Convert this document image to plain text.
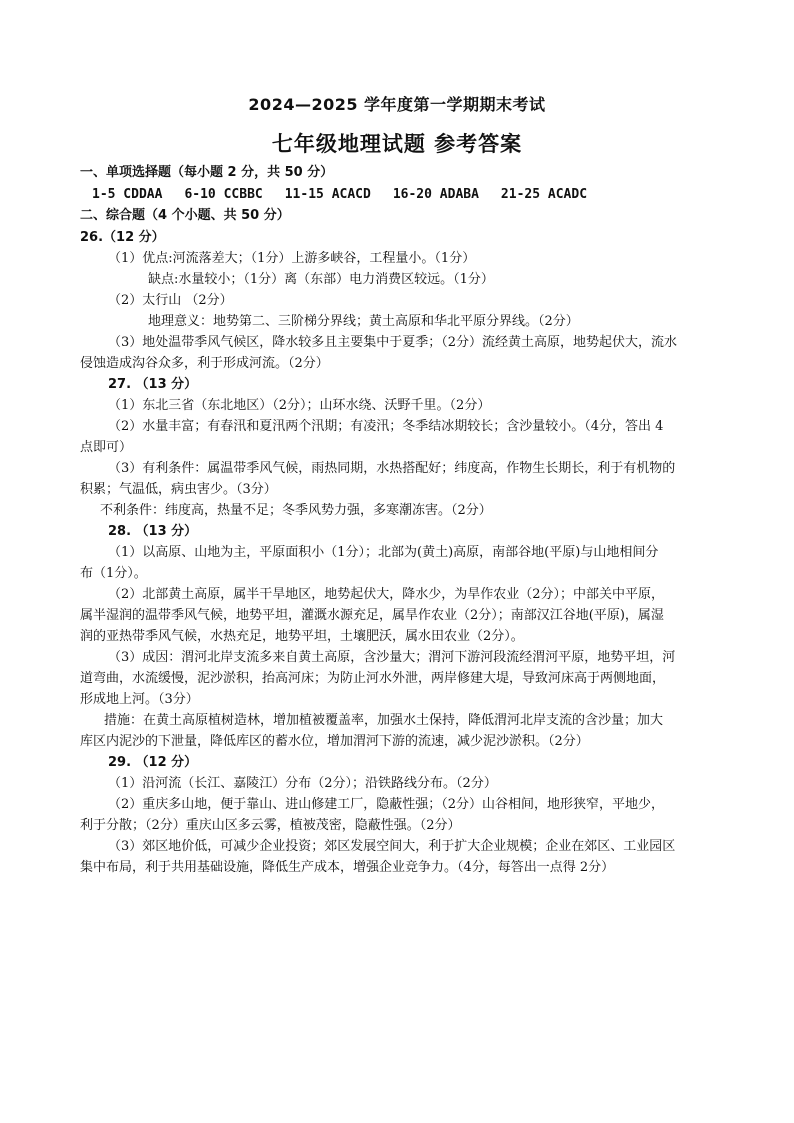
2024—2025 学年度第一学期期末考试
七年级地理试题 参考答案
一、单项选择题（每小题 2 分，共 50 分）
1-5 CDDAA 6-10 CCBBC 11-15 ACACD 16-20 ADABA 21-25 ACADC
二、综合题（4 个小题、共 50 分）
26.（12 分）
（1）优点:河流落差大；（1分）上游多峡谷，工程量小。（1分）
缺点:水量较小；（1分）离（东部）电力消费区较远。（1分）
（2）太行山 （2分）
地理意义：地势第二、三阶梯分界线；黄土高原和华北平原分界线。（2分）
（3）地处温带季风气候区，降水较多且主要集中于夏季；（2分）流经黄土高原，地势起伏大，流水
侵蚀造成沟谷众多，利于形成河流。（2分）
27. （13 分）
（1）东北三省（东北地区）（2分）；山环水绕、沃野千里。（2分）
（2）水量丰富；有春汛和夏汛两个汛期；有凌汛；冬季结冰期较长；含沙量较小。（4分，答出 4
点即可）
（3）有利条件：属温带季风气候，雨热同期，水热搭配好；纬度高，作物生长期长，利于有机物的
积累；气温低，病虫害少。（3分）
不利条件：纬度高，热量不足；冬季风势力强，多寒潮冻害。（2分）
28. （13 分）
（1）以高原、山地为主，平原面积小（1分）；北部为(黄土)高原，南部谷地(平原)与山地相间分
布（1分）。
（2）北部黄土高原，属半干旱地区，地势起伏大，降水少，为旱作农业（2分）；中部关中平原，
属半湿润的温带季风气候，地势平坦，灌溉水源充足，属旱作农业（2分）；南部汉江谷地(平原)，属湿
润的亚热带季风气候，水热充足，地势平坦，土壤肥沃，属水田农业（2分）。
（3）成因：渭河北岸支流多来自黄土高原，含沙量大；渭河下游河段流经渭河平原，地势平坦，河
道弯曲，水流缓慢，泥沙淤积，抬高河床；为防止河水外泄，两岸修建大堤，导致河床高于两侧地面，
形成地上河。（3分）
措施：在黄土高原植树造林，增加植被覆盖率，加强水土保持，降低渭河北岸支流的含沙量；加大
库区内泥沙的下泄量，降低库区的蓄水位，增加渭河下游的流速，减少泥沙淤积。（2分）
29. （12 分）
（1）沿河流（长江、嘉陵江）分布（2分）；沿铁路线分布。（2分）
（2）重庆多山地，便于靠山、进山修建工厂，隐蔽性强；（2分）山谷相间，地形狭窄，平地少，
利于分散；（2分）重庆山区多云雾，植被茂密，隐蔽性强。（2分）
（3）郊区地价低，可减少企业投资；郊区发展空间大，利于扩大企业规模；企业在郊区、工业园区
集中布局，利于共用基础设施，降低生产成本，增强企业竞争力。（4分，每答出一点得 2分）
